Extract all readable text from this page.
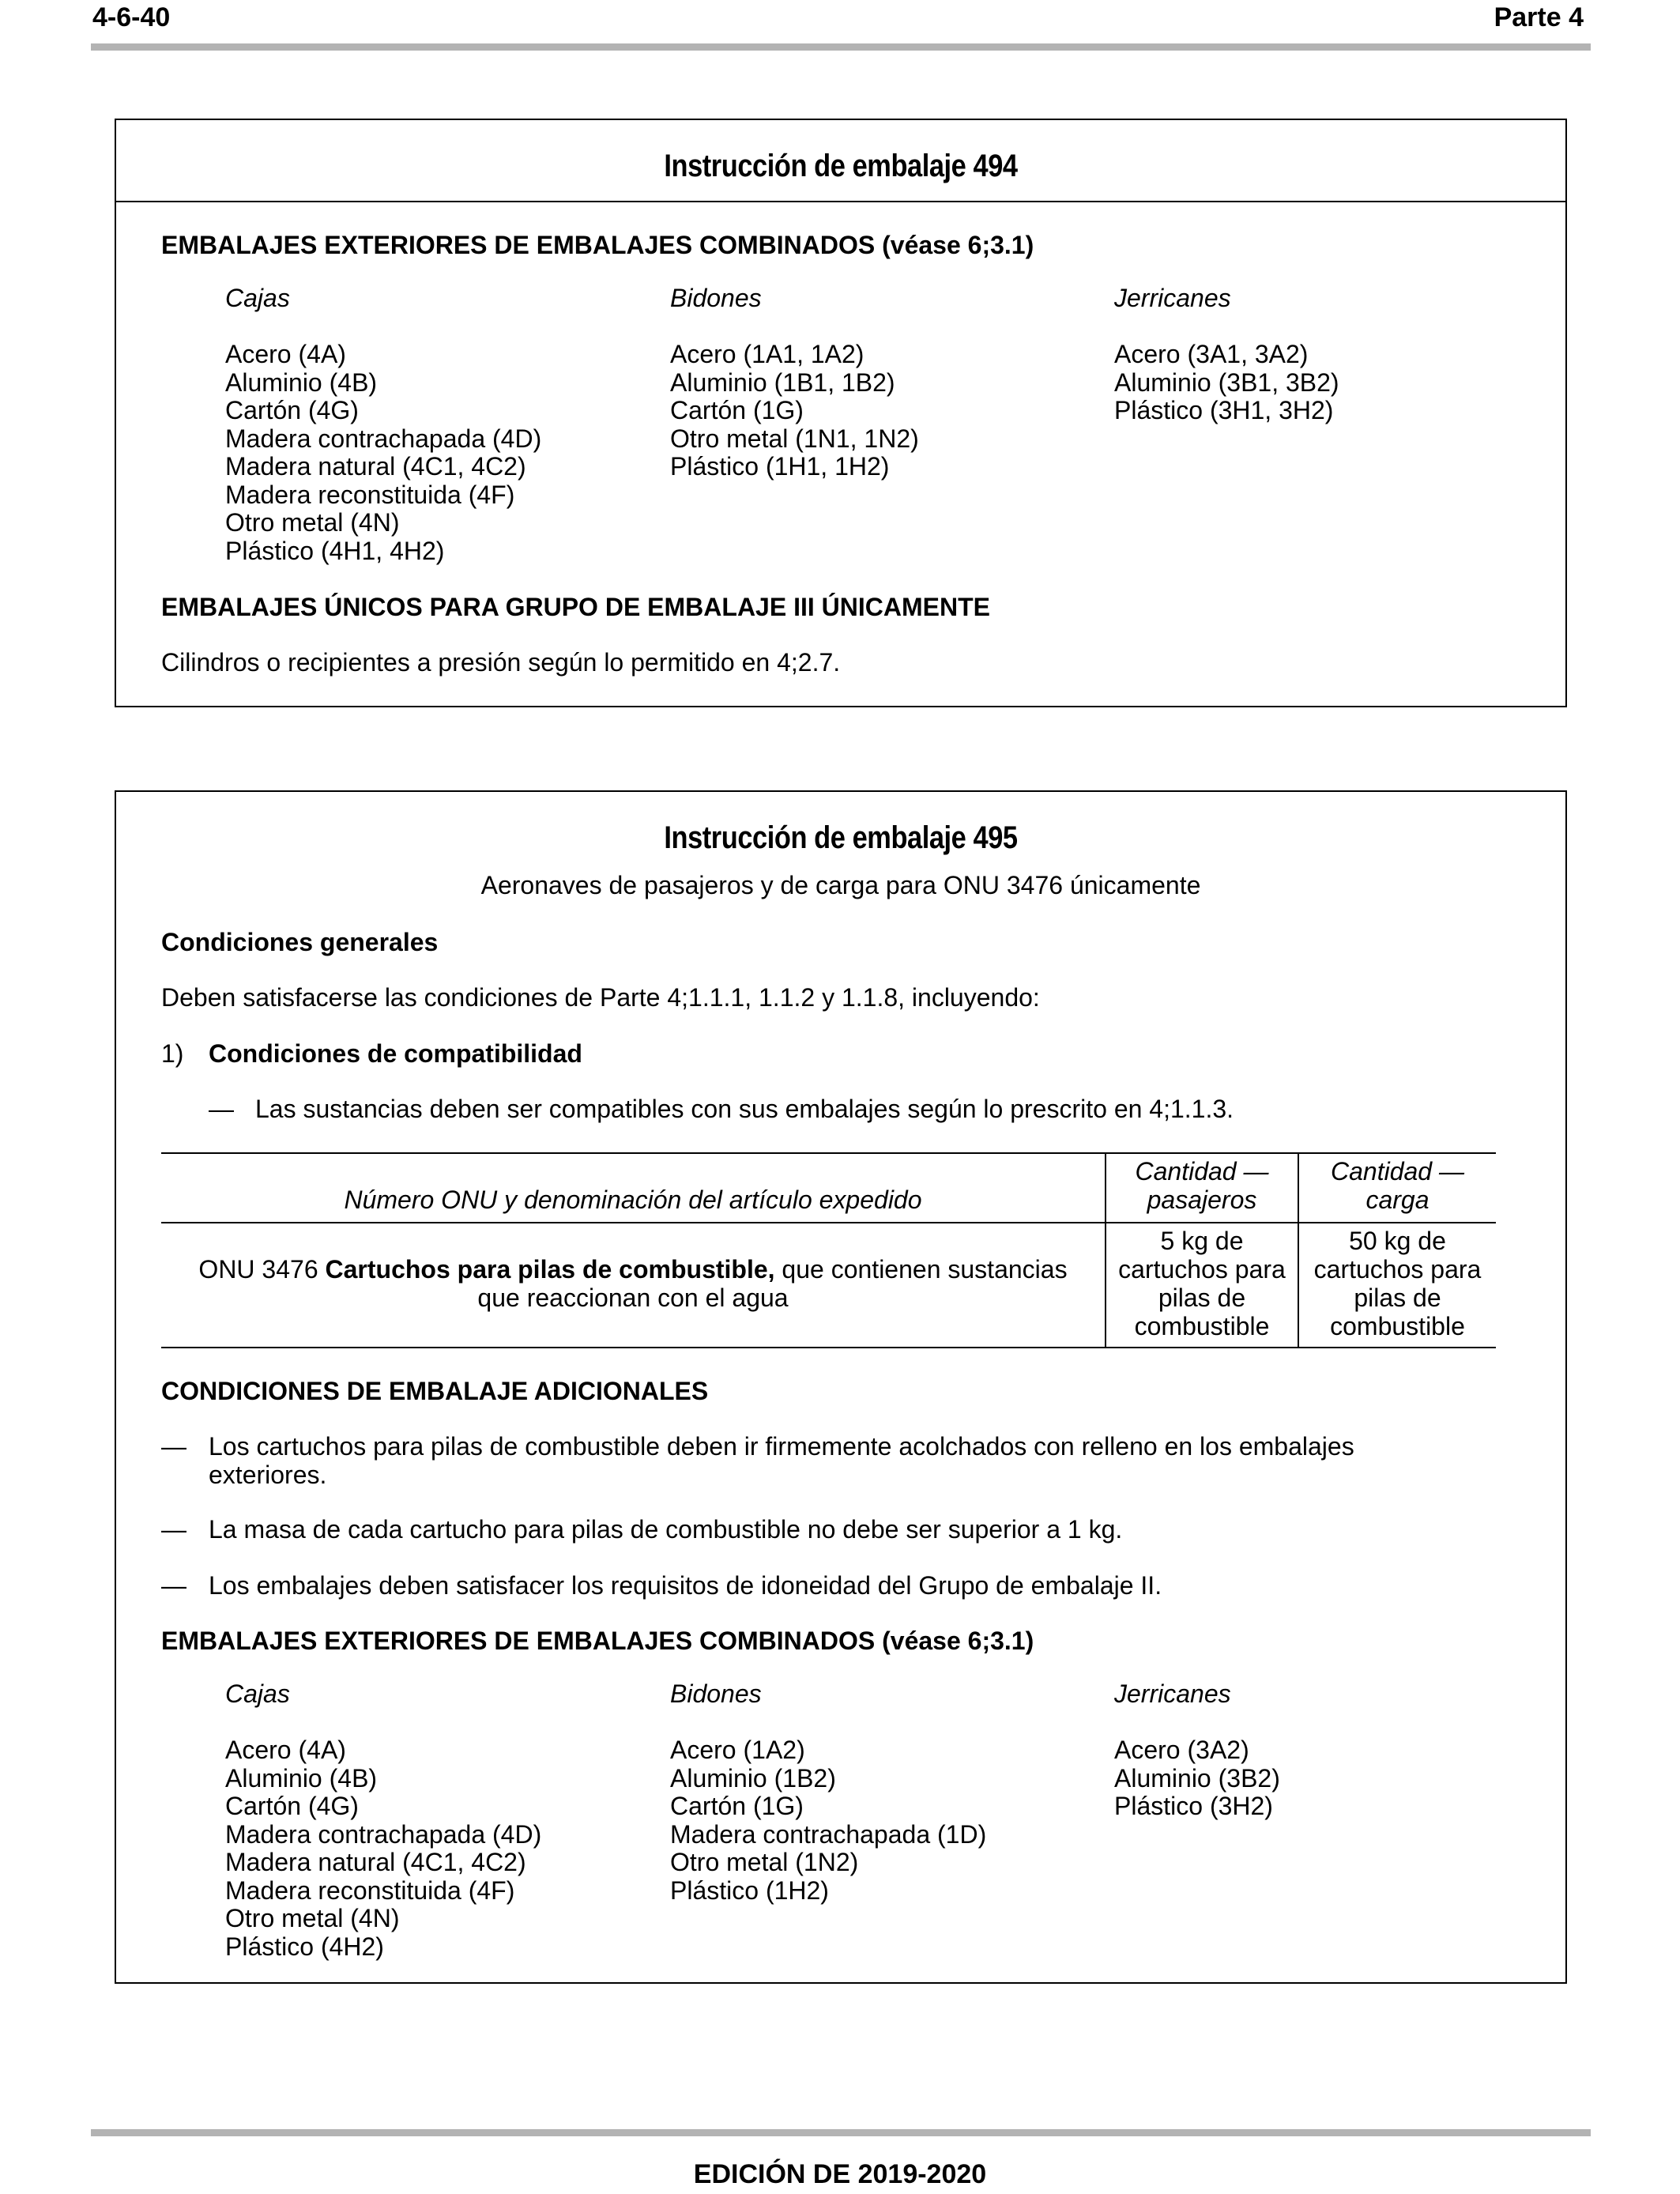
4-6-40	Parte 4
Instrucción de embalaje 494
EMBALAJES EXTERIORES DE EMBALAJES COMBINADOS (véase 6;3.1)
Cajas
Acero (4A)
Aluminio (4B)
Cartón (4G)
Madera contrachapada (4D)
Madera natural (4C1, 4C2)
Madera reconstituida (4F)
Otro metal (4N)
Plástico (4H1, 4H2)
Bidones
Acero (1A1, 1A2)
Aluminio (1B1, 1B2)
Cartón (1G)
Otro metal (1N1, 1N2)
Plástico (1H1, 1H2)
Jerricanes
Acero (3A1, 3A2)
Aluminio (3B1, 3B2)
Plástico (3H1, 3H2)
EMBALAJES ÚNICOS PARA GRUPO DE EMBALAJE III ÚNICAMENTE
Cilindros o recipientes a presión según lo permitido en 4;2.7.
Instrucción de embalaje 495
Aeronaves de pasajeros y de carga para ONU 3476 únicamente
Condiciones generales
Deben satisfacerse las condiciones de Parte 4;1.1.1, 1.1.2 y 1.1.8, incluyendo:
1) Condiciones de compatibilidad
— Las sustancias deben ser compatibles con sus embalajes según lo prescrito en 4;1.1.3.
Número ONU y denominación del artículo expedido
Cantidad —
pasajeros
Cantidad —
carga
ONU 3476 Cartuchos para pilas de combustible, que contienen sustancias
que reaccionan con el agua
5 kg de
cartuchos para
pilas de
combustible
50 kg de
cartuchos para
pilas de
combustible
CONDICIONES DE EMBALAJE ADICIONALES
— Los cartuchos para pilas de combustible deben ir firmemente acolchados con relleno en los embalajes
exteriores.
— La masa de cada cartucho para pilas de combustible no debe ser superior a 1 kg.
— Los embalajes deben satisfacer los requisitos de idoneidad del Grupo de embalaje II.
EMBALAJES EXTERIORES DE EMBALAJES COMBINADOS (véase 6;3.1)
Cajas
Acero (4A)
Aluminio (4B)
Cartón (4G)
Madera contrachapada (4D)
Madera natural (4C1, 4C2)
Madera reconstituida (4F)
Otro metal (4N)
Plástico (4H2)
Bidones
Acero (1A2)
Aluminio (1B2)
Cartón (1G)
Madera contrachapada (1D)
Otro metal (1N2)
Plástico (1H2)
Jerricanes
Acero (3A2)
Aluminio (3B2)
Plástico (3H2)
EDICIÓN DE 2019-2020
